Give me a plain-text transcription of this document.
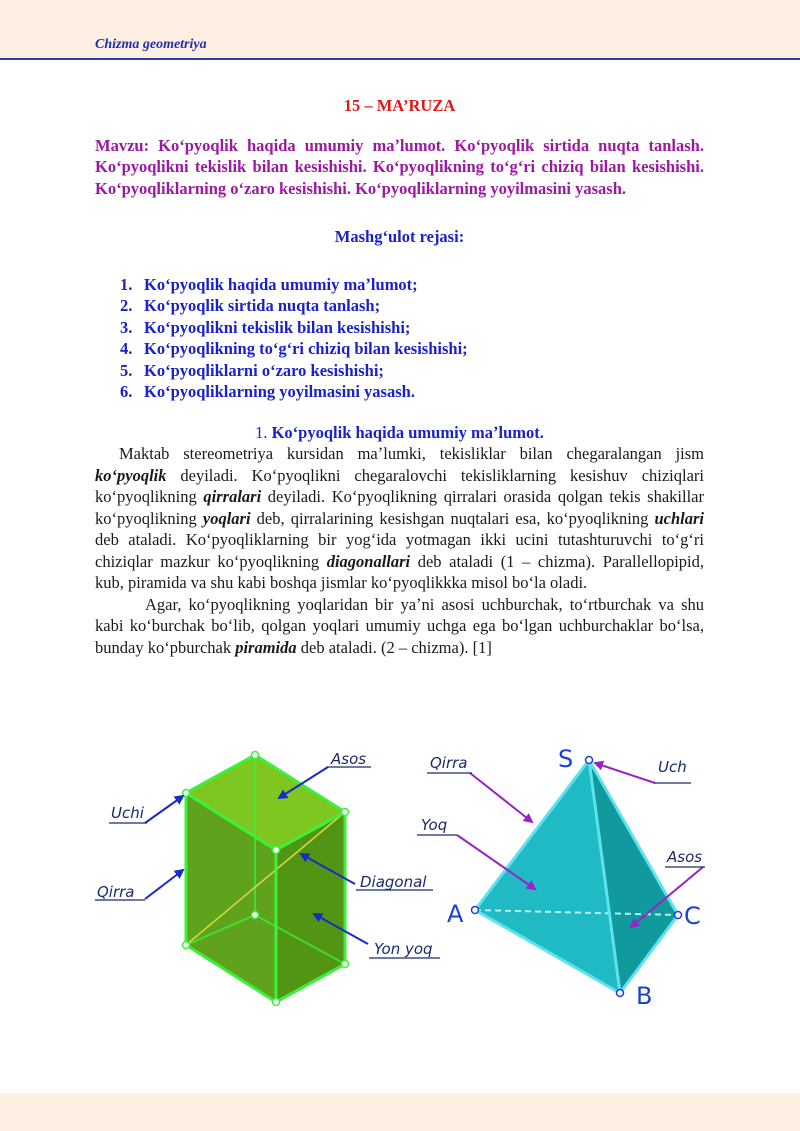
Chizma geometriya

15 – MA’RUZA

Mavzu: Koʻpyoqlik haqida umumiy maʼlumot. Koʻpyoqlik sirtida nuqta tanlash. Koʻpyoqlikni tekislik bilan kesishishi. Koʻpyoqlikning toʻgʻri chiziq bilan kesishishi. Koʻpyoqliklarning oʻzaro kesishishi. Koʻpyoqliklarning yoyilmasini yasash.

Mashgʻulot rejasi:

1. Koʻpyoqlik haqida umumiy maʼlumot;
2. Koʻpyoqlik sirtida nuqta tanlash;
3. Koʻpyoqlikni tekislik bilan kesishishi;
4. Koʻpyoqlikning toʻgʻri chiziq bilan kesishishi;
5. Koʻpyoqliklarni oʻzaro kesishishi;
6. Koʻpyoqliklarning yoyilmasini yasash.

1. Koʻpyoqlik haqida umumiy maʼlumot.

Maktab stereometriya kursidan maʼlumki, tekisliklar bilan chegaralangan jism koʻpyoqlik deyiladi. Koʻpyoqlikni chegaralovchi tekisliklarning kesishuv chiziqlari koʻpyoqlikning qirralari deyiladi. Koʻpyoqlikning qirralari orasida qolgan tekis shakillar koʻpyoqlikning yoqlari deb, qirralarining kesishgan nuqtalari esa, koʻpyoqlikning uchlari deb ataladi. Koʻpyoqliklarning bir yogʻida yotmagan ikki ucini tutashturuvchi toʻgʻri chiziqlar mazkur koʻpyoqlikning diagonallari deb ataladi (1 – chizma). Parallellopipid, kub, piramida va shu kabi boshqa jismlar koʻpyoqlikkka misol boʻla oladi.

Agar, koʻpyoqlikning yoqlaridan bir yaʼni asosi uchburchak, toʻrtburchak va shu kabi koʻburchak boʻlib, qolgan yoqlari umumiy uchga ega boʻlgan uchburchaklar boʻlsa, bunday koʻpburchak piramida deb ataladi. (2 – chizma). [1]

Asos
Uchi
Diagonal
Qirra
Yon yoq
Qirra	Uch
Yoq
Asos
S
A
B
C
